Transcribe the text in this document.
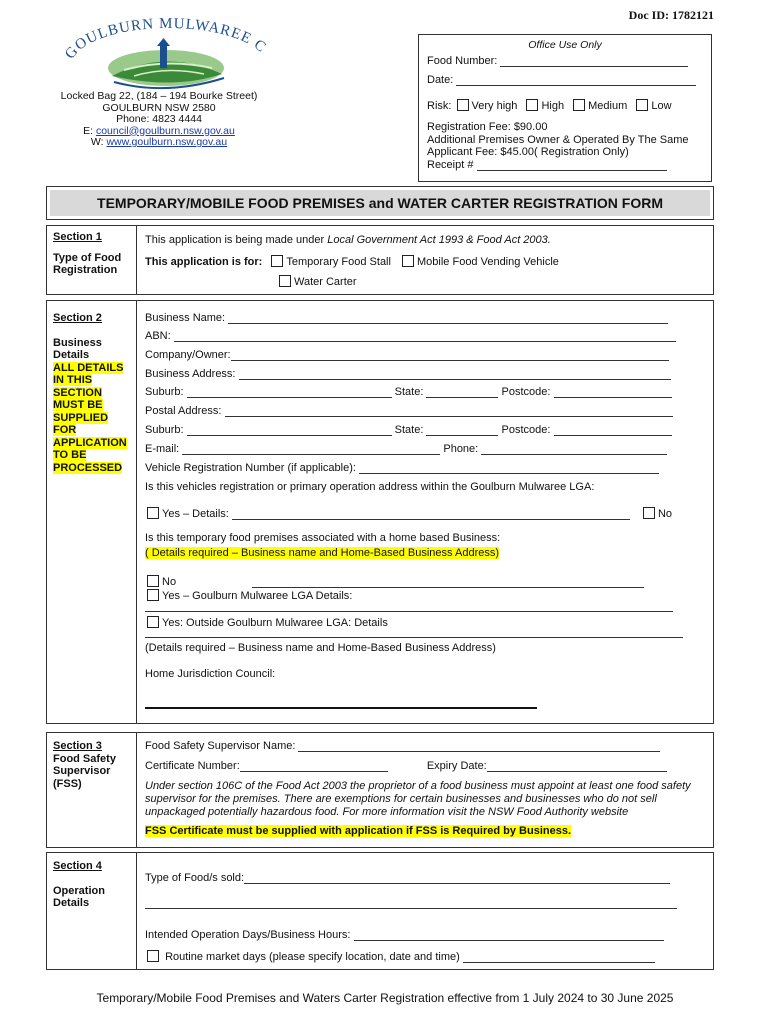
Doc ID: 1782121
GOULBURN MULWAREE C
Locked Bag 22, (184 – 194 Bourke Street)
GOULBURN NSW 2580
Phone: 4823 4444
E: council@goulburn.nsw.gov.au
W: www.goulburn.nsw.gov.au
Office Use Only
Food Number:
Date:
Risk: Very high High Medium Low
Registration Fee: $90.00
Additional Premises Owner & Operated By The Same
Applicant Fee: $45.00( Registration Only)
Receipt #
TEMPORARY/MOBILE FOOD PREMISES and WATER CARTER REGISTRATION FORM
Section 1
Type of Food Registration
This application is being made under Local Government Act 1993 & Food Act 2003.
This application is for: Temporary Food Stall Mobile Food Vending Vehicle
Water Carter
Section 2
Business Details
ALL DETAILS IN THIS SECTION MUST BE SUPPLIED FOR APPLICATION TO BE PROCESSED
Business Name:
ABN:
Company/Owner:
Business Address:
Suburb:	State:	Postcode:
Postal Address:
Suburb:	State:	Postcode:
E-mail:	Phone:
Vehicle Registration Number (if applicable):
Is this vehicles registration or primary operation address within the Goulburn Mulwaree LGA:
Yes – Details:	No
Is this temporary food premises associated with a home based Business:
( Details required – Business name and Home-Based Business Address)
No
Yes – Goulburn Mulwaree LGA Details:
Yes: Outside Goulburn Mulwaree LGA: Details
(Details required – Business name and Home-Based Business Address)
Home Jurisdiction Council:
Section 3
Food Safety Supervisor (FSS)
Food Safety Supervisor Name:
Certificate Number:	Expiry Date:
Under section 106C of the Food Act 2003 the proprietor of a food business must appoint at least one food safety supervisor for the premises. There are exemptions for certain businesses and businesses who do not sell unpackaged potentially hazardous food. For more information visit the NSW Food Authority website
FSS Certificate must be supplied with application if FSS is Required by Business.
Section 4
Operation Details
Type of Food/s sold:
Intended Operation Days/Business Hours:
Routine market days (please specify location, date and time)
Temporary/Mobile Food Premises and Waters Carter Registration effective from 1 July 2024 to 30 June 2025
